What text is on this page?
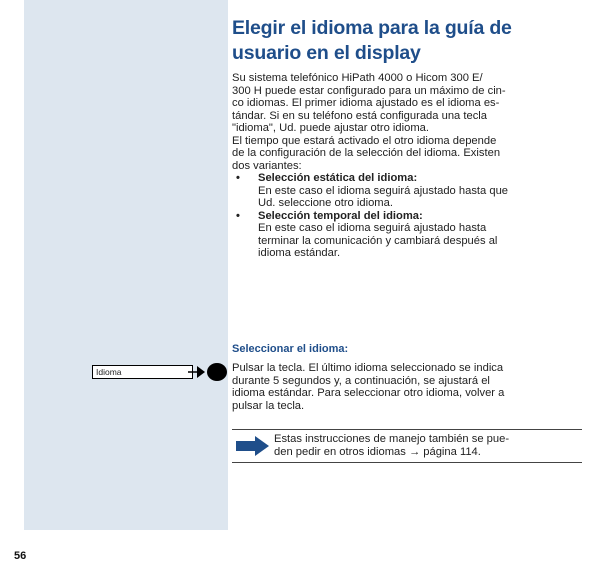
Elegir el idioma para la guía de usuario en el display

Su sistema telefónico HiPath 4000 o Hicom 300 E/

300 H puede estar configurado para un máximo de cin-

co idiomas. El primer idioma ajustado es el idioma es-

tándar. Si en su teléfono está configurada una tecla

"idioma", Ud. puede ajustar otro idioma.

El tiempo que estará activado el otro idioma depende

de la configuración de la selección del idioma. Existen

dos variantes:

• Selección estática del idioma:
En este caso el idioma seguirá ajustado hasta que
Ud. seleccione otro idioma.
• Selección temporal del idioma:
En este caso el idioma seguirá ajustado hasta
terminar la comunicación y cambiará después al
idioma estándar.
Seleccionar el idioma:
Idioma	Pulsar la tecla. El último idioma seleccionado se indica
durante 5 segundos y, a continuación, se ajustará el
idioma estándar. Para seleccionar otro idioma, volver a
pulsar la tecla.
Estas instrucciones de manejo también se pue-
den pedir en otros idiomas → página 114.
56
